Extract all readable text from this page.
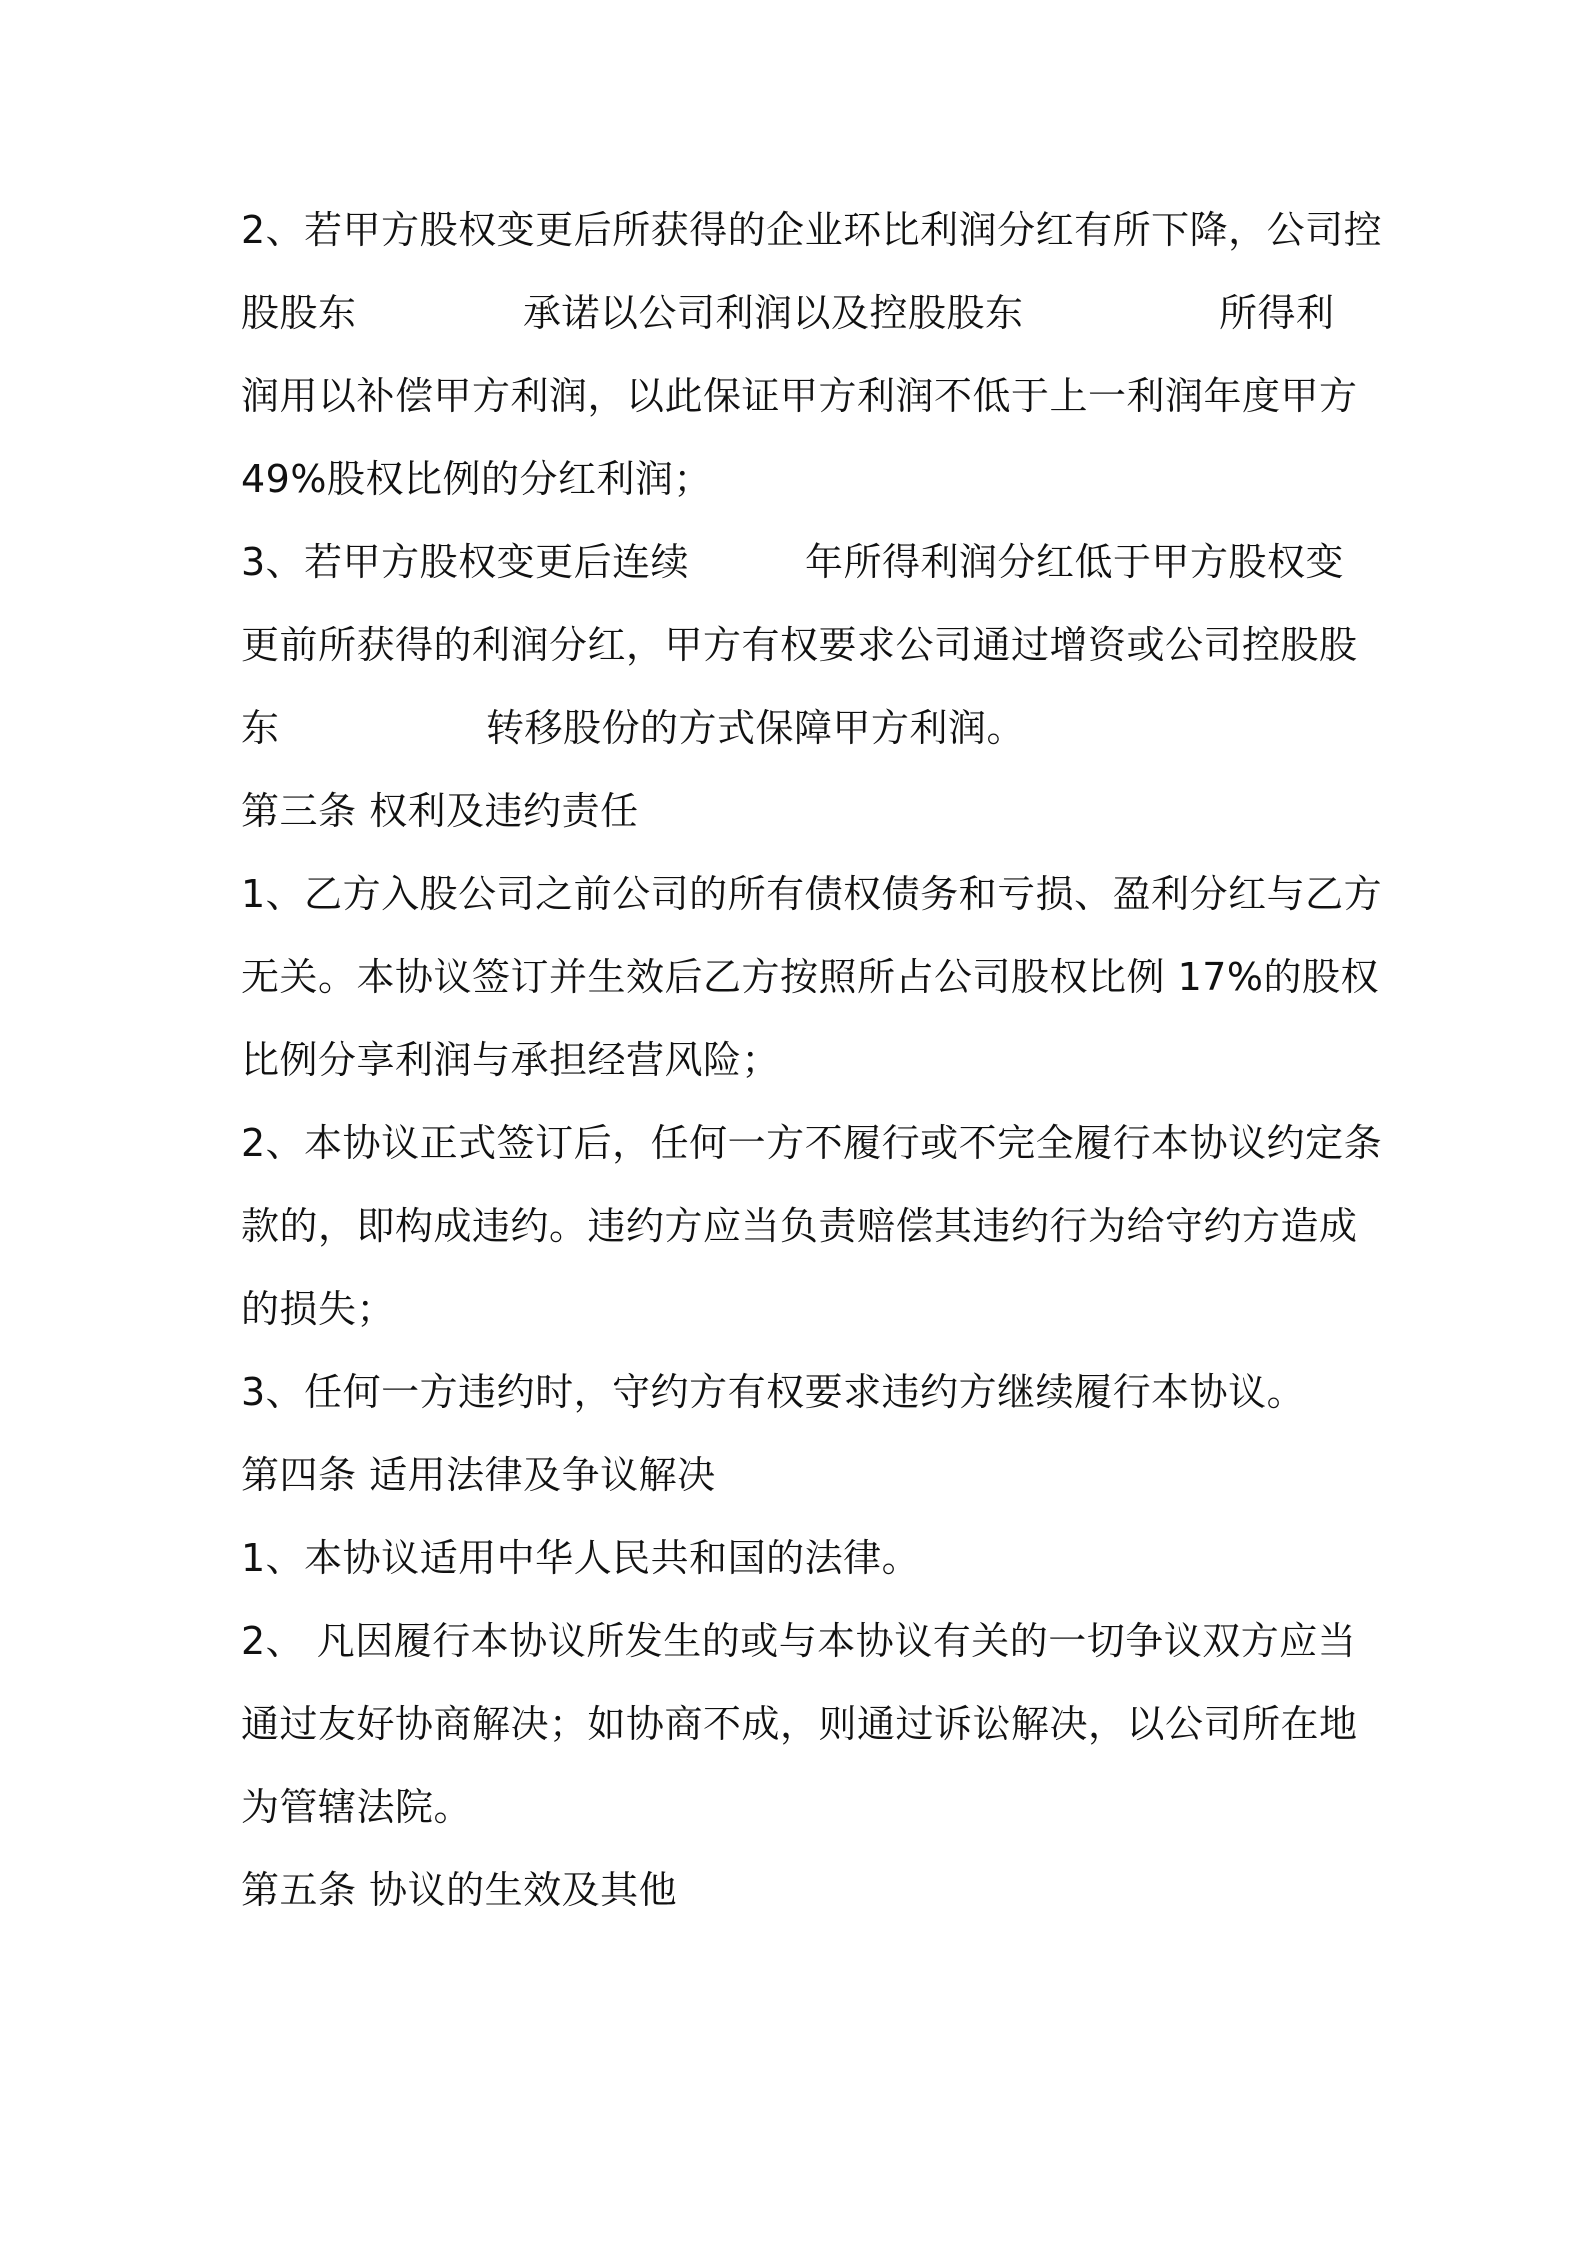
2、若甲方股权变更后所获得的企业环比利润分红有所下降，公司控
股股东	承诺以公司利润以及控股股东	所得利
润用以补偿甲方利润，以此保证甲方利润不低于上一利润年度甲方
49%股权比例的分红利润；
3、若甲方股权变更后连续	年所得利润分红低于甲方股权变
更前所获得的利润分红，甲方有权要求公司通过增资或公司控股股
东	转移股份的方式保障甲方利润。
第三条 权利及违约责任
1、乙方入股公司之前公司的所有债权债务和亏损、盈利分红与乙方
无关。本协议签订并生效后乙方按照所占公司股权比例 17%的股权
比例分享利润与承担经营风险；
2、本协议正式签订后，任何一方不履行或不完全履行本协议约定条
款的，即构成违约。违约方应当负责赔偿其违约行为给守约方造成
的损失；
3、任何一方违约时，守约方有权要求违约方继续履行本协议。
第四条 适用法律及争议解决
1、本协议适用中华人民共和国的法律。
2、 凡因履行本协议所发生的或与本协议有关的一切争议双方应当
通过友好协商解决；如协商不成，则通过诉讼解决，以公司所在地
为管辖法院。
第五条 协议的生效及其他
